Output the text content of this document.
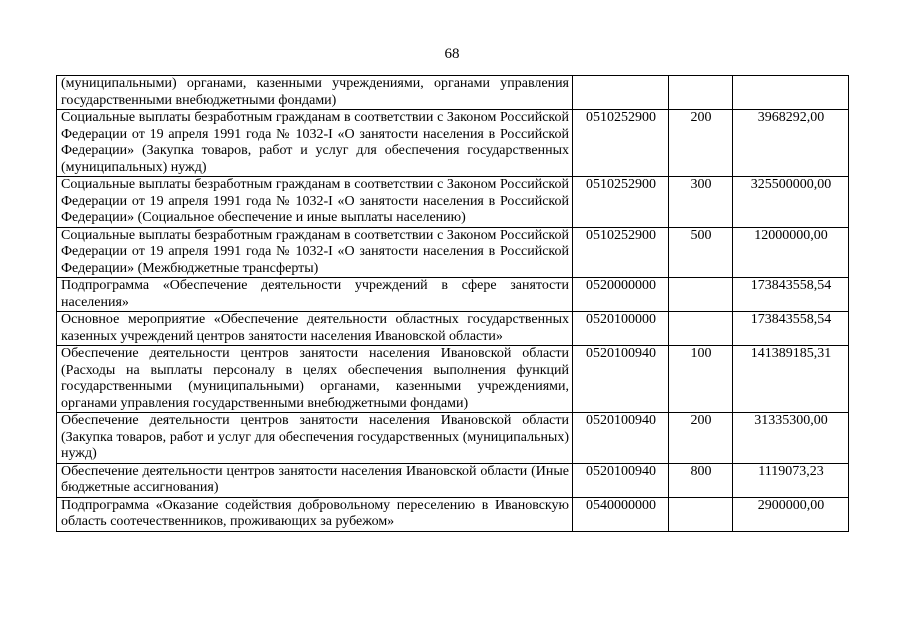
68
(муниципальными) органами, казенными учреждениями, органами управления государственными внебюджетными фондами)			
Социальные выплаты безработным гражданам в соответствии с Законом Российской Федерации от 19 апреля 1991 года № 1032-I «О занятости населения в Российской Федерации» (Закупка товаров, работ и услуг для обеспечения государственных (муниципальных) нужд)	0510252900	200	3968292,00
Социальные выплаты безработным гражданам в соответствии с Законом Российской Федерации от 19 апреля 1991 года № 1032-I «О занятости населения в Российской Федерации» (Социальное обеспечение и иные выплаты населению)	0510252900	300	325500000,00
Социальные выплаты безработным гражданам в соответствии с Законом Российской Федерации от 19 апреля 1991 года № 1032-I «О занятости населения в Российской Федерации» (Межбюджетные трансферты)	0510252900	500	12000000,00
Подпрограмма «Обеспечение деятельности учреждений в сфере занятости населения»	0520000000		173843558,54
Основное мероприятие «Обеспечение деятельности областных государственных казенных учреждений центров занятости населения Ивановской области»	0520100000		173843558,54
Обеспечение деятельности центров занятости населения Ивановской области (Расходы на выплаты персоналу в целях обеспечения выполнения функций государственными (муниципальными) органами, казенными учреждениями, органами управления государственными внебюджетными фондами)	0520100940	100	141389185,31
Обеспечение деятельности центров занятости населения Ивановской области (Закупка товаров, работ и услуг для обеспечения государственных (муниципальных) нужд)	0520100940	200	31335300,00
Обеспечение деятельности центров занятости населения Ивановской области (Иные бюджетные ассигнования)	0520100940	800	1119073,23
Подпрограмма «Оказание содействия добровольному переселению в Ивановскую область соотечественников, проживающих за рубежом»	0540000000		2900000,00
